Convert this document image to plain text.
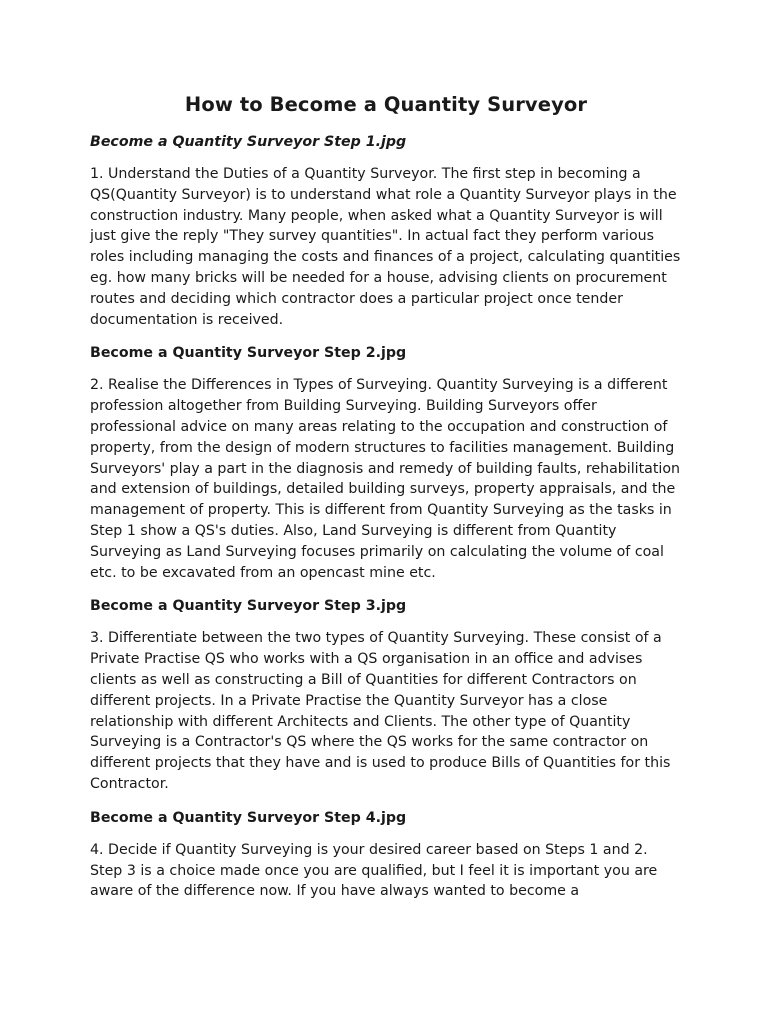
How to Become a Quantity Surveyor
Become a Quantity Surveyor Step 1.jpg

1. Understand the Duties of a Quantity Surveyor. The first step in becoming a QS(Quantity Surveyor) is to understand what role a Quantity Surveyor plays in the construction industry. Many people, when asked what a Quantity Surveyor is will just give the reply "They survey quantities". In actual fact they perform various roles including managing the costs and finances of a project, calculating quantities eg. how many bricks will be needed for a house, advising clients on procurement routes and deciding which contractor does a particular project once tender documentation is received.

Become a Quantity Surveyor Step 2.jpg

2. Realise the Differences in Types of Surveying. Quantity Surveying is a different profession altogether from Building Surveying. Building Surveyors offer professional advice on many areas relating to the occupation and construction of property, from the design of modern structures to facilities management. Building Surveyors' play a part in the diagnosis and remedy of building faults, rehabilitation and extension of buildings, detailed building surveys, property appraisals, and the management of property. This is different from Quantity Surveying as the tasks in Step 1 show a QS's duties. Also, Land Surveying is different from Quantity Surveying as Land Surveying focuses primarily on calculating the volume of coal etc. to be excavated from an opencast mine etc.

Become a Quantity Surveyor Step 3.jpg

3. Differentiate between the two types of Quantity Surveying. These consist of a Private Practise QS who works with a QS organisation in an office and advises clients as well as constructing a Bill of Quantities for different Contractors on different projects. In a Private Practise the Quantity Surveyor has a close relationship with different Architects and Clients. The other type of Quantity Surveying is a Contractor's QS where the QS works for the same contractor on different projects that they have and is used to produce Bills of Quantities for this Contractor.

Become a Quantity Surveyor Step 4.jpg

4. Decide if Quantity Surveying is your desired career based on Steps 1 and 2. Step 3 is a choice made once you are qualified, but I feel it is important you are aware of the difference now. If you have always wanted to become a
